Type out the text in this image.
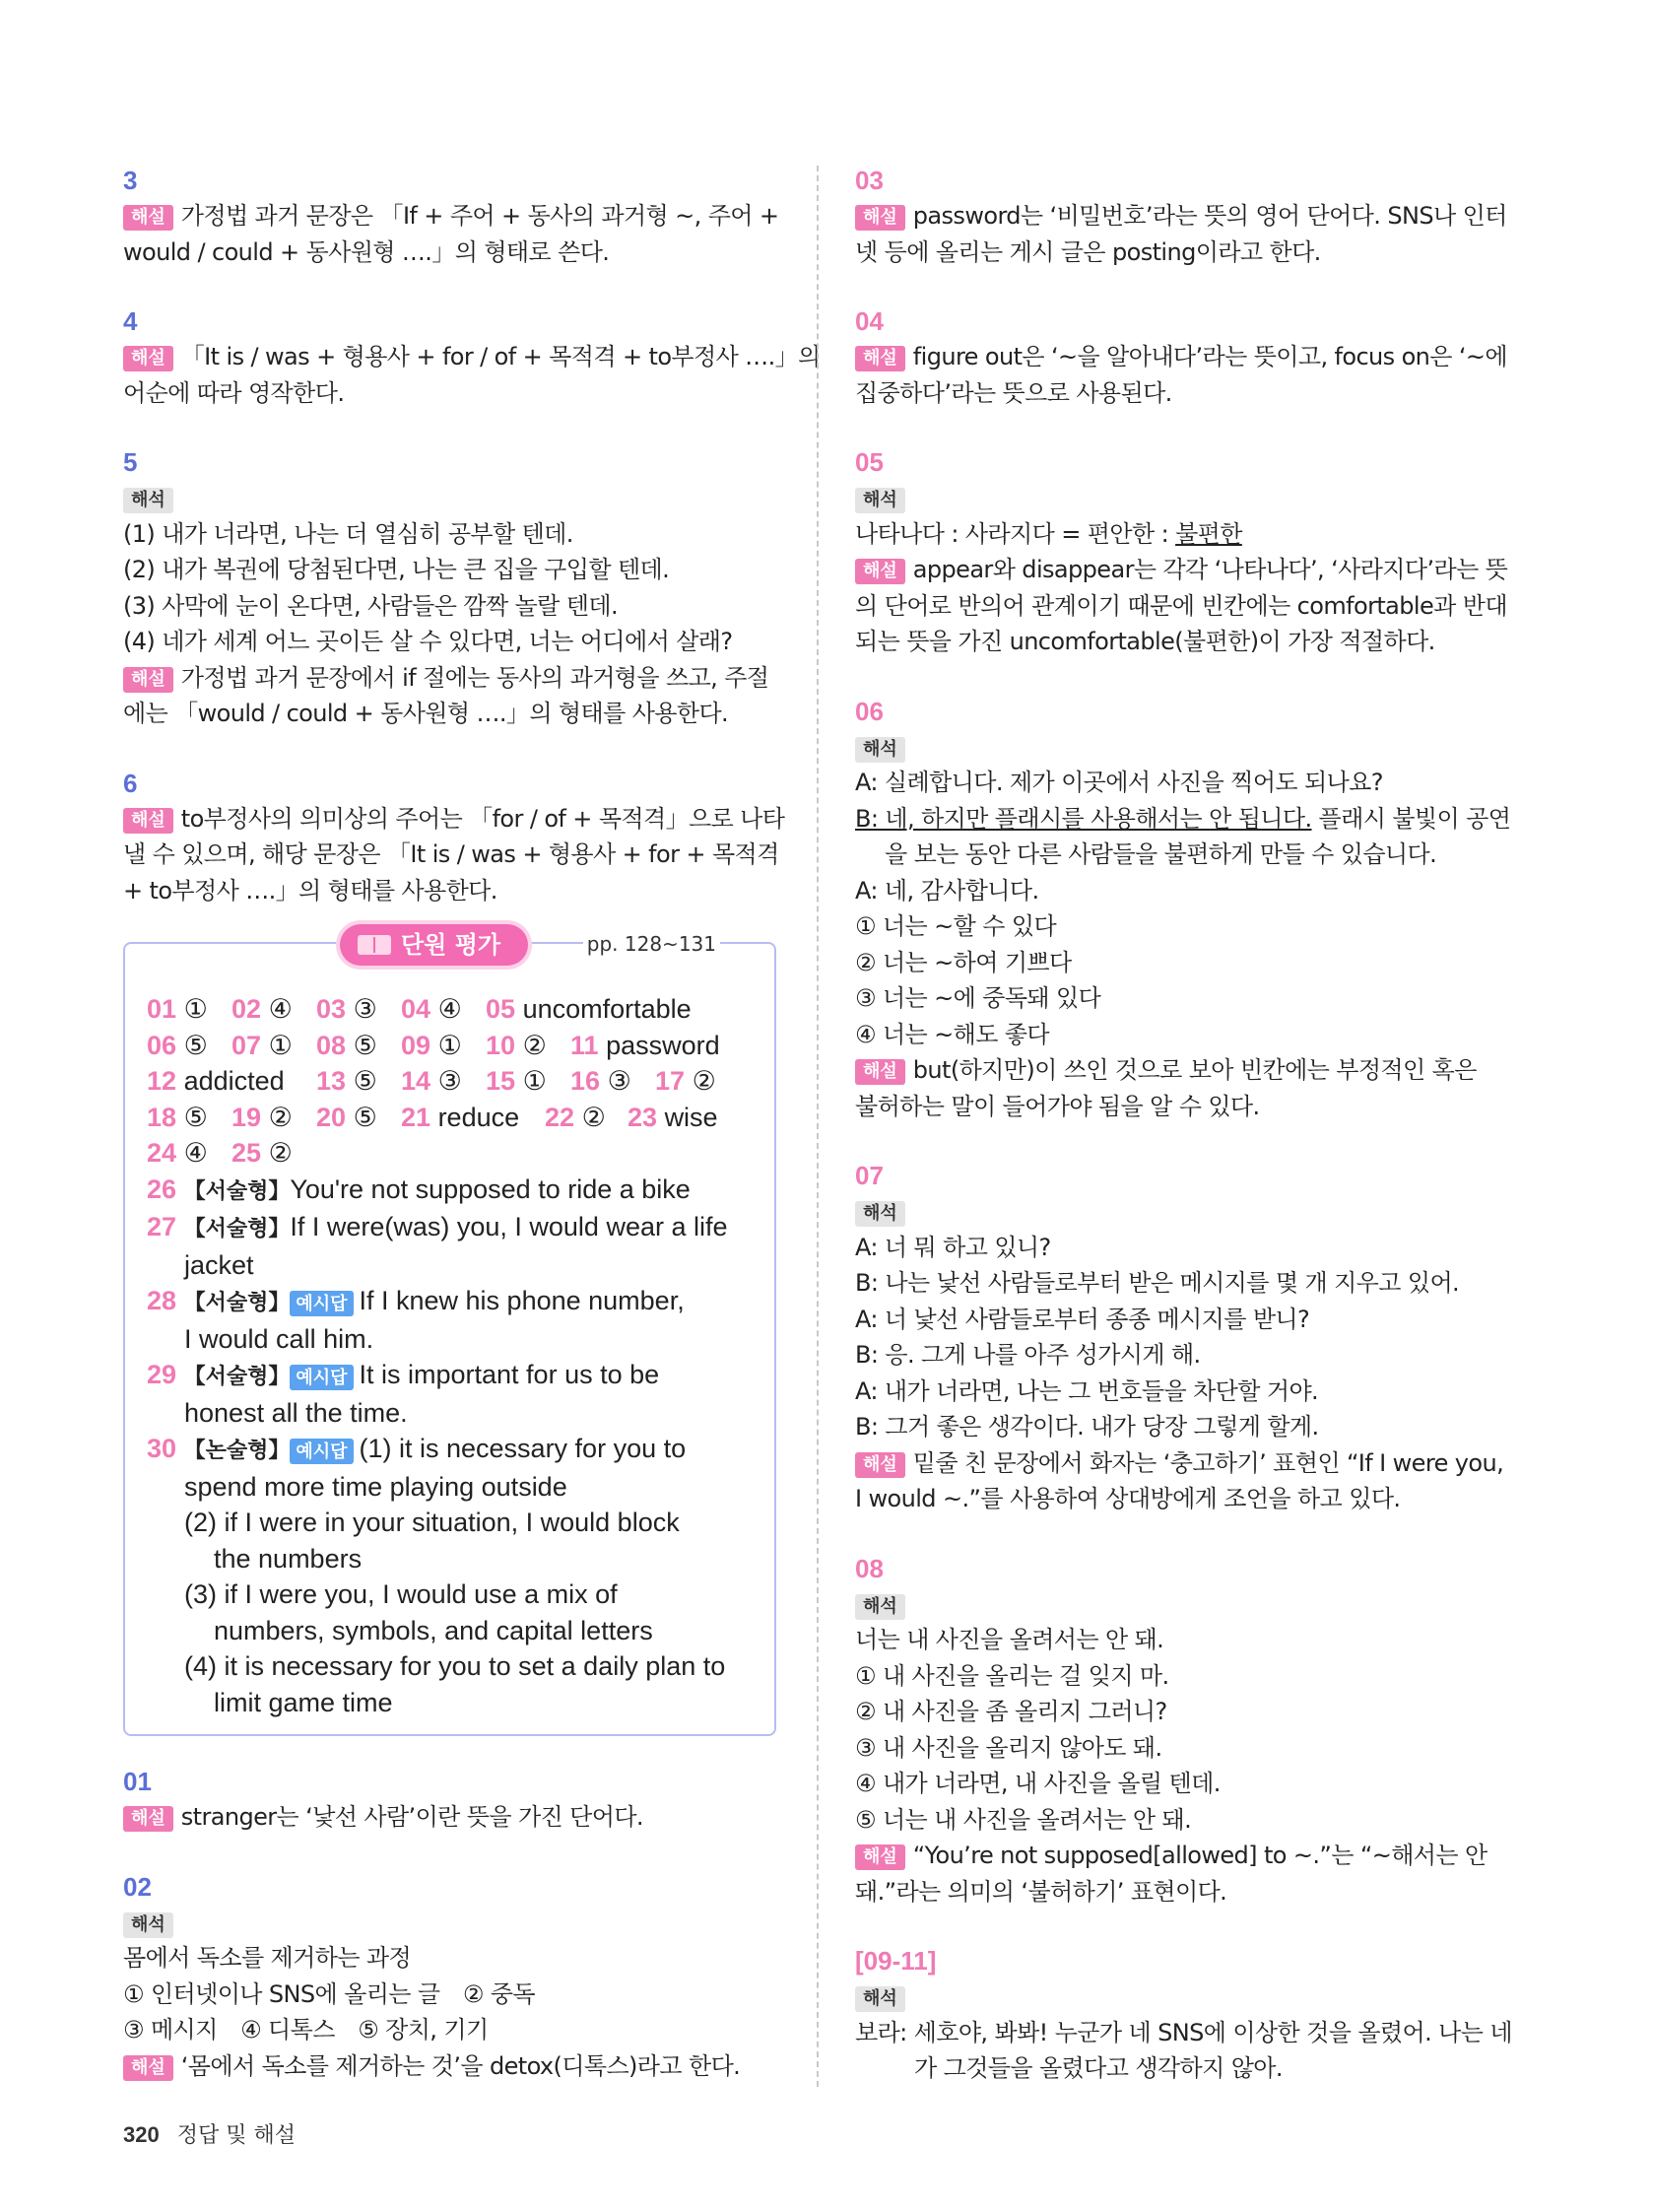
3
해설 가정법 과거 문장은 「If + 주어 + 동사의 과거형 ~, 주어 +
would / could + 동사원형 ….」의 형태로 쓴다.
4
해설 「It is / was + 형용사 + for / of + 목적격 + to부정사 ….」의
어순에 따라 영작한다.
5
해석
(1) 내가 너라면, 나는 더 열심히 공부할 텐데.
(2) 내가 복권에 당첨된다면, 나는 큰 집을 구입할 텐데.
(3) 사막에 눈이 온다면, 사람들은 깜짝 놀랄 텐데.
(4) 네가 세계 어느 곳이든 살 수 있다면, 너는 어디에서 살래?
해설 가정법 과거 문장에서 if 절에는 동사의 과거형을 쓰고, 주절
에는 「would / could + 동사원형 ….」의 형태를 사용한다.
6
해설 to부정사의 의미상의 주어는 「for / of + 목적격」으로 나타
낼 수 있으며, 해당 문장은 「It is / was + 형용사 + for + 목적격
+ to부정사 ….」의 형태를 사용한다.
단원 평가	pp. 128~131
01 ① 02 ④ 03 ③ 04 ④ 05 uncomfortable
06 ⑤ 07 ① 08 ⑤ 09 ① 10 ② 11 password
12 addicted 13 ⑤ 14 ③ 15 ① 16 ③ 17 ②
18 ⑤ 19 ② 20 ⑤ 21 reduce 22 ② 23 wise
24 ④ 25 ②
26 【서술형】You're not supposed to ride a bike
27 【서술형】If I were(was) you, I would wear a life
jacket
28 【서술형】 예시답 If I knew his phone number,
I would call him.
29 【서술형】 예시답 It is important for us to be
honest all the time.
30 【논술형】 예시답 (1) it is necessary for you to
spend more time playing outside
(2) if I were in your situation, I would block
the numbers
(3) if I were you, I would use a mix of
numbers, symbols, and capital letters
(4) it is necessary for you to set a daily plan to
limit game time
01
해설 stranger는 ‘낯선 사람’이란 뜻을 가진 단어다.
02
해석
몸에서 독소를 제거하는 과정
① 인터넷이나 SNS에 올리는 글　② 중독
③ 메시지　④ 디톡스　⑤ 장치, 기기
해설 ‘몸에서 독소를 제거하는 것’을 detox(디톡스)라고 한다.
03
해설 password는 ‘비밀번호’라는 뜻의 영어 단어다. SNS나 인터
넷 등에 올리는 게시 글은 posting이라고 한다.
04
해설 figure out은 ‘~을 알아내다’라는 뜻이고, focus on은 ‘~에
집중하다’라는 뜻으로 사용된다.
05
해석
나타나다 : 사라지다 = 편안한 : 불편한
해설 appear와 disappear는 각각 ‘나타나다’, ‘사라지다’라는 뜻
의 단어로 반의어 관계이기 때문에 빈칸에는 comfortable과 반대
되는 뜻을 가진 uncomfortable(불편한)이 가장 적절하다.
06
해석
A: 실례합니다. 제가 이곳에서 사진을 찍어도 되나요?
B: 네, 하지만 플래시를 사용해서는 안 됩니다. 플래시 불빛이 공연
을 보는 동안 다른 사람들을 불편하게 만들 수 있습니다.
A: 네, 감사합니다.
① 너는 ~할 수 있다
② 너는 ~하여 기쁘다
③ 너는 ~에 중독돼 있다
④ 너는 ~해도 좋다
해설 but(하지만)이 쓰인 것으로 보아 빈칸에는 부정적인 혹은
불허하는 말이 들어가야 됨을 알 수 있다.
07
해석
A: 너 뭐 하고 있니?
B: 나는 낯선 사람들로부터 받은 메시지를 몇 개 지우고 있어.
A: 너 낯선 사람들로부터 종종 메시지를 받니?
B: 응. 그게 나를 아주 성가시게 해.
A: 내가 너라면, 나는 그 번호들을 차단할 거야.
B: 그거 좋은 생각이다. 내가 당장 그렇게 할게.
해설 밑줄 친 문장에서 화자는 ‘충고하기’ 표현인 “If I were you,
I would ~.”를 사용하여 상대방에게 조언을 하고 있다.
08
해석
너는 내 사진을 올려서는 안 돼.
① 내 사진을 올리는 걸 잊지 마.
② 내 사진을 좀 올리지 그러니?
③ 내 사진을 올리지 않아도 돼.
④ 내가 너라면, 내 사진을 올릴 텐데.
⑤ 너는 내 사진을 올려서는 안 돼.
해설 “You’re not supposed[allowed] to ~.”는 “~해서는 안
돼.”라는 의미의 ‘불허하기’ 표현이다.
[09-11]
해석
보라: 세호야, 봐봐! 누군가 네 SNS에 이상한 것을 올렸어. 나는 네
가 그것들을 올렸다고 생각하지 않아.
320 정답 및 해설
